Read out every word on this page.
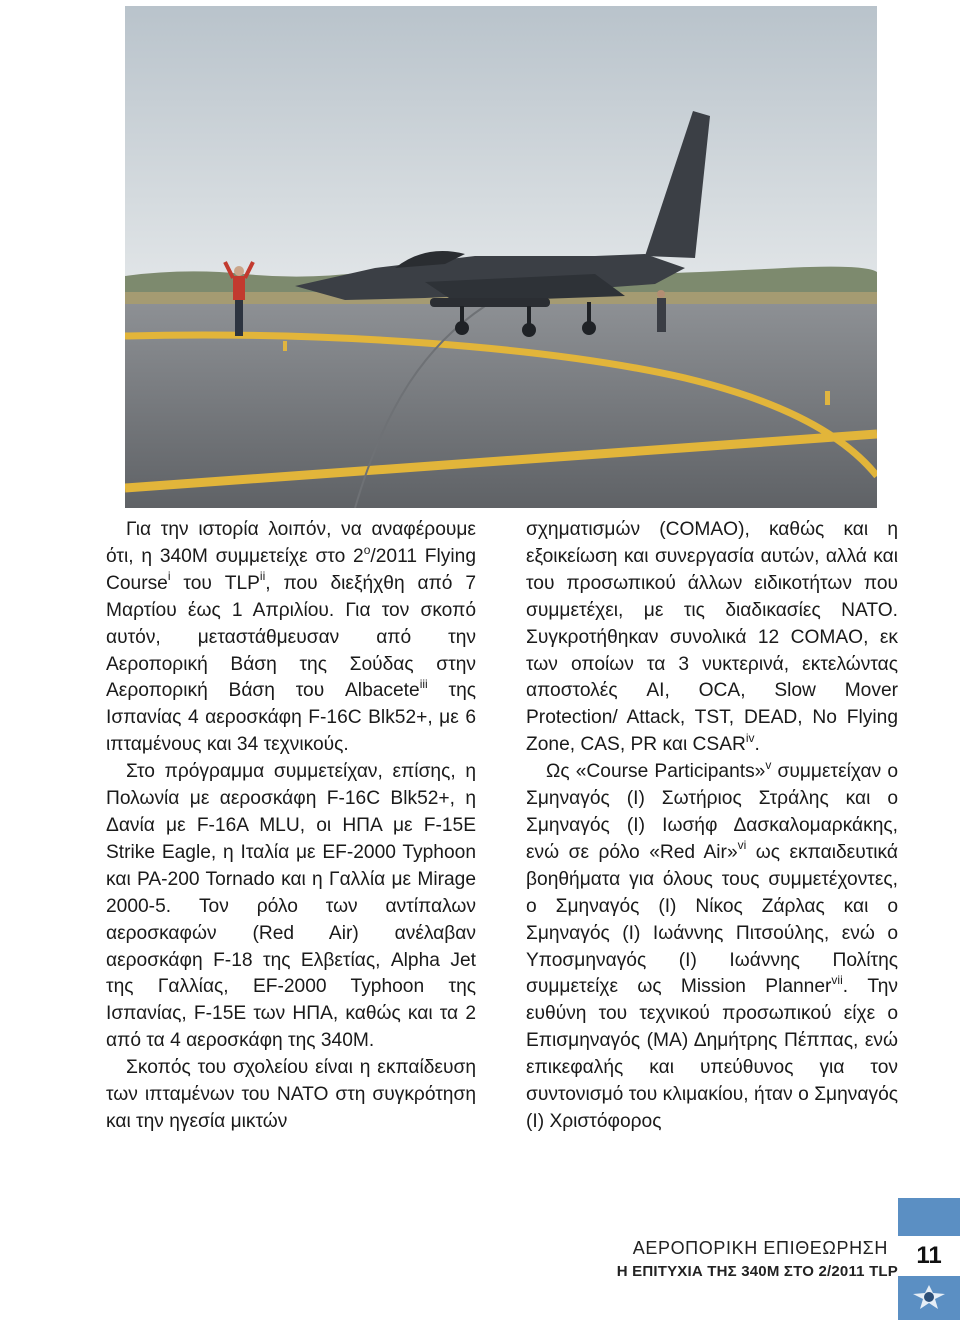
Για την ιστορία λοιπόν, να αναφέρουμε ότι, η 340Μ συμμετείχε στο $2^o/2011$ Flying Course$^i$ του TLP$^{ii}$, που διεξήχθη από 7 Μαρτίου έως 1 Απριλίου. Για τον σκοπό αυτόν, μεταστάθμευσαν από την Αεροπορική Βάση της Σούδας στην Αεροπορική Βάση του Albacete$^{iii}$ της Ισπανίας 4 αεροσκάφη F-16C Blk52+, με 6 ιπταμένους και 34 τεχνικούς.

Στο πρόγραμμα συμμετείχαν, επίσης, η Πολωνία με αεροσκάφη F-16C Blk52+, η Δανία με F-16A MLU, οι ΗΠΑ με F-15E Strike Eagle, η Ιταλία με EF-2000 Typhoon και PA-200 Tornado και η Γαλλία με Mirage 2000-5. Τον ρόλο των αντίπαλων αεροσκαφών (Red Air) ανέλαβαν αεροσκάφη F-18 της Ελβετίας, Alpha Jet της Γαλλίας, EF-2000 Typhoon της Ισπανίας, F-15E των ΗΠΑ, καθώς και τα 2 από τα 4 αεροσκάφη της 340Μ.

Σκοπός του σχολείου είναι η εκπαίδευση των ιπταμένων του ΝΑΤΟ στη συγκρότηση και την ηγεσία μικτών

σχηματισμών (COMAO), καθώς και η εξοικείωση και συνεργασία αυτών, αλλά και του προσωπικού άλλων ειδικοτήτων που συμμετέχει, με τις διαδικασίες ΝΑΤΟ. Συγκροτήθηκαν συνολικά 12 COMAO, εκ των οποίων τα 3 νυκτερινά, εκτελώντας αποστολές AI, OCA, Slow Mover Protection/ Attack, TST, DEAD, No Flying Zone, CAS, PR και CSAR$^{iv}$.

Ως «Course Participants»$^v$ συμμετείχαν ο Σμηναγός (Ι) Σωτήριος Στράλης και ο Σμηναγός (Ι) Ιωσήφ Δασκαλομαρκάκης, ενώ σε ρόλο «Red Air»$^{vi}$ ως εκπαιδευτικά βοηθήματα για όλους τους συμμετέχοντες, ο Σμηναγός (Ι) Νίκος Ζάρλας και ο Σμηναγός (Ι) Ιωάννης Πιτσούλης, ενώ ο Υποσμηναγός (Ι) Ιωάννης Πολίτης συμμετείχε ως Mission Planner$^{vii}$. Την ευθύνη του τεχνικού προσωπικού είχε ο Επισμηναγός (ΜΑ) Δημήτρης Πέππας, ενώ επικεφαλής και υπεύθυνος για τον συντονισμό του κλιμακίου, ήταν ο Σμηναγός (Ι) Χριστόφορος

ΑΕΡΟΠΟΡΙΚΗ ΕΠΙΘΕΩΡΗΣΗ
Η ΕΠΙΤΥΧΙΑ ΤΗΣ 340Μ ΣΤΟ 2/2011 TLP
11
